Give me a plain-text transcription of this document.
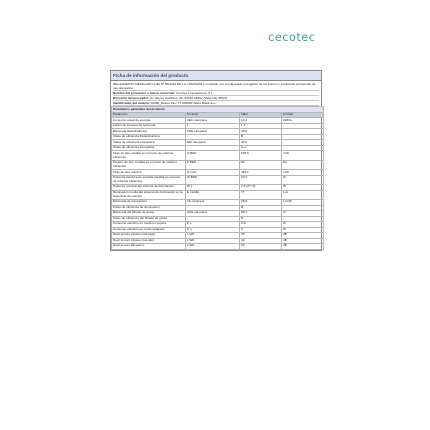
cecotec
Ficha de información del producto
REGLAMENTO DELEGADO (UE) Nº 65/2014 DE LA COMISIÓN en relación con el etiquetado energético de los hornos y campanas extractoras de uso doméstico.
Nombre del proveedor o marca comercial: Cecotec Innovaciones, S.L.
Dirección del proveedor: Av. Reyes Católicos, 60. 46910 Alfafar (Valencia) SPAIN
Identificador del modelo: 02980_Bolero Flux TT 605000 Glass Black A++
Parámetros generales del producto			
Parámetro	Símbolo	Valor	Unidad
Consumo anual de energía	AEC campana	10,4	kWh/a
Factor de incremento temporal	f	1,1	-
Eficiencia fluidodinámica	FDE campana	25,0	-
Clase de eficiencia fluidodinámica	-	B	-
Índice de eficiencia energética	EEI campana	30,9	-
Clase de eficiencia energética	-	A++	-
Flujo de aire medido en el punto de máxima eficiencia	Q BEP	225,5	m³/h
Presión de aire medida en el punto de máxima eficiencia	P BEP	82	Pa
Flujo de aire máximo	Q max	462,1	m³/h
Potencia eléctrica de entrada medida en el punto de máxima eficiencia	W BEP	20,4	W
Potencia nominal del sistema de iluminación	W L	2,5 (2*1,5)	W
Iluminación media del sistema de iluminación en la superficie de cocción	E middle	77	Lux
Eficiencia de iluminación	LE campana	25,8	Lux/W
Clase de eficiencia de iluminación	-	B	-
Eficiencia del filtrado de grasa	GFE campana	68,1	%
Clase de eficiencia del filtrado de grasa	-	D	-
Consumo eléctrico en modo en espera	P s	0,8	W
Consumo eléctrico en modo apagado	P o	0	W
Nivel sonoro (Ajuste más bajo)	L WA	58	dB
Nivel sonoro (Ajuste más alto)	L WA	44	dB
Nivel sonoro (Booster)	L WA	63	dB
